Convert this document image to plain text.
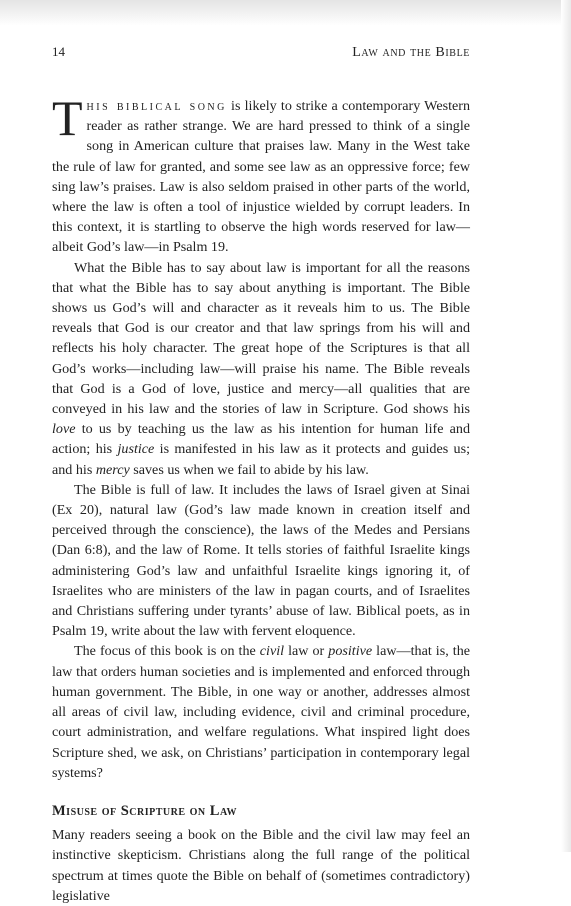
14	Law and the Bible

This biblical song is likely to strike a contemporary Western reader as rather strange. We are hard pressed to think of a single song in American culture that praises law. Many in the West take the rule of law for granted, and some see law as an oppressive force; few sing law’s praises. Law is also seldom praised in other parts of the world, where the law is often a tool of injustice wielded by corrupt leaders. In this context, it is startling to observe the high words reserved for law—albeit God’s law—in Psalm 19.

What the Bible has to say about law is important for all the reasons that what the Bible has to say about anything is important. The Bible shows us God’s will and character as it reveals him to us. The Bible reveals that God is our creator and that law springs from his will and reflects his holy character. The great hope of the Scriptures is that all God’s works—including law—will praise his name. The Bible reveals that God is a God of love, justice and mercy—all qualities that are conveyed in his law and the stories of law in Scripture. God shows his love to us by teaching us the law as his intention for human life and action; his justice is manifested in his law as it protects and guides us; and his mercy saves us when we fail to abide by his law.

The Bible is full of law. It includes the laws of Israel given at Sinai (Ex 20), natural law (God’s law made known in creation itself and perceived through the conscience), the laws of the Medes and Persians (Dan 6:8), and the law of Rome. It tells stories of faithful Israelite kings administering God’s law and unfaithful Israelite kings ignoring it, of Israelites who are ministers of the law in pagan courts, and of Israelites and Christians suffering under tyrants’ abuse of law. Biblical poets, as in Psalm 19, write about the law with fervent eloquence.

The focus of this book is on the civil law or positive law—that is, the law that orders human societies and is implemented and enforced through human government. The Bible, in one way or another, addresses almost all areas of civil law, including evidence, civil and criminal procedure, court administration, and welfare regulations. What inspired light does Scripture shed, we ask, on Christians’ participation in contemporary legal systems?

Misuse of Scripture on Law

Many readers seeing a book on the Bible and the civil law may feel an instinctive skepticism. Christians along the full range of the political spectrum at times quote the Bible on behalf of (sometimes contradictory) legislative
